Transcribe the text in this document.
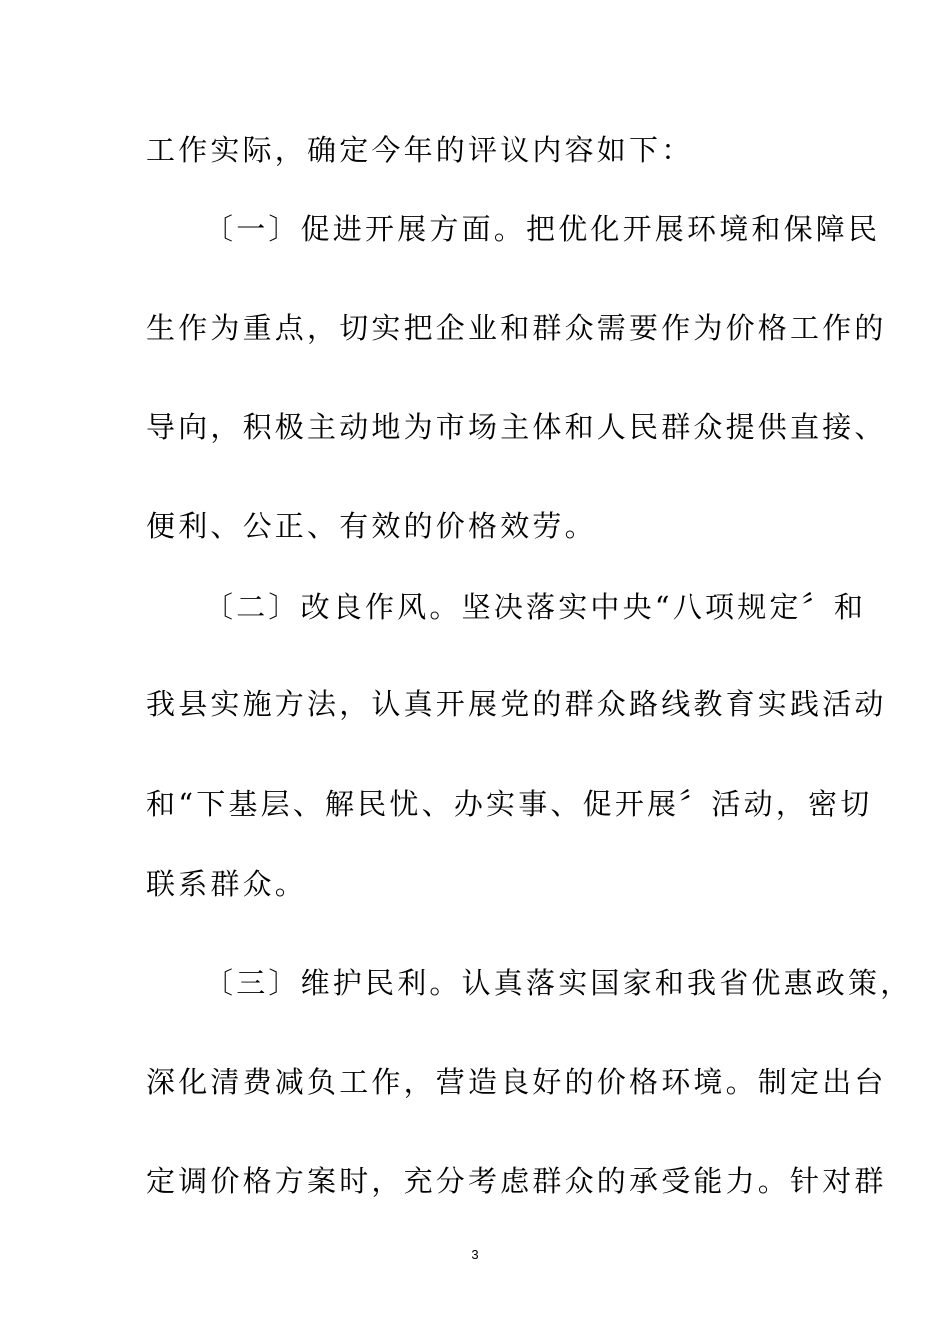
工作实际，确定今年的评议内容如下：
〔一〕促进开展方面。把优化开展环境和保障民
生作为重点，切实把企业和群众需要作为价格工作的
导向，积极主动地为市场主体和人民群众提供直接、
便利、公正、有效的价格效劳。
〔二〕改良作风。坚决落实中央“八项规定〞和
我县实施方法，认真开展党的群众路线教育实践活动
和“下基层、解民忧、办实事、促开展〞活动，密切
联系群众。
〔三〕维护民利。认真落实国家和我省优惠政策，
深化清费减负工作，营造良好的价格环境。制定出台
定调价格方案时，充分考虑群众的承受能力。针对群
3
